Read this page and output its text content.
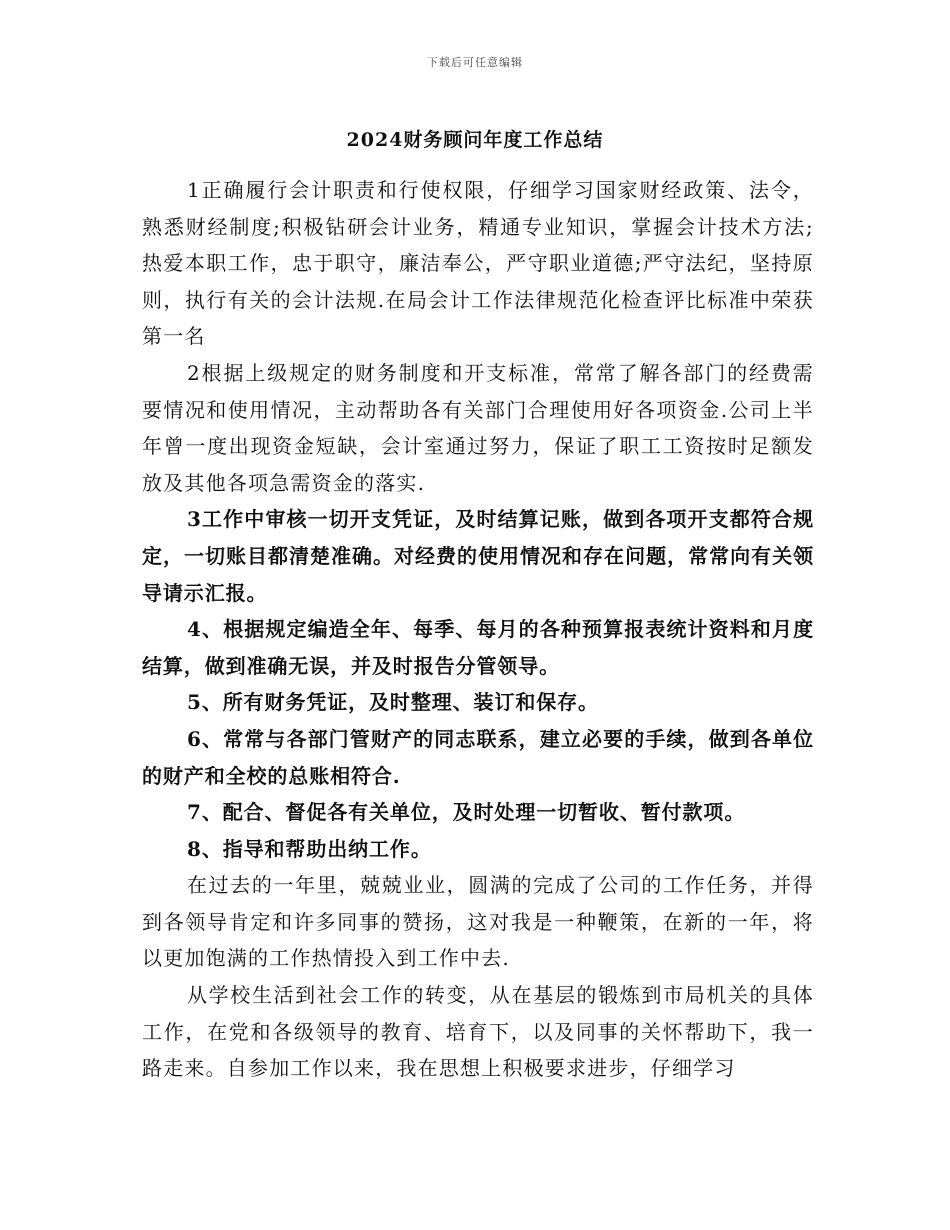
下载后可任意编辑
2024财务顾问年度工作总结

1正确履行会计职责和行使权限，仔细学习国家财经政策、法令，熟悉财经制度;积极钻研会计业务，精通专业知识，掌握会计技术方法;热爱本职工作，忠于职守，廉洁奉公，严守职业道德;严守法纪，坚持原则，执行有关的会计法规.在局会计工作法律规范化检查评比标准中荣获第一名

2根据上级规定的财务制度和开支标准，常常了解各部门的经费需要情况和使用情况，主动帮助各有关部门合理使用好各项资金.公司上半年曾一度出现资金短缺，会计室通过努力，保证了职工工资按时足额发放及其他各项急需资金的落实.

3工作中审核一切开支凭证，及时结算记账，做到各项开支都符合规定，一切账目都清楚准确。对经费的使用情况和存在问题，常常向有关领导请示汇报。

4、根据规定编造全年、每季、每月的各种预算报表统计资料和月度结算，做到准确无误，并及时报告分管领导。

5、所有财务凭证，及时整理、装订和保存。

6、常常与各部门管财产的同志联系，建立必要的手续，做到各单位的财产和全校的总账相符合.

7、配合、督促各有关单位，及时处理一切暂收、暂付款项。

8、指导和帮助出纳工作。

在过去的一年里，兢兢业业，圆满的完成了公司的工作任务，并得到各领导肯定和许多同事的赞扬，这对我是一种鞭策，在新的一年，将以更加饱满的工作热情投入到工作中去.

从学校生活到社会工作的转变，从在基层的锻炼到市局机关的具体工作，在党和各级领导的教育、培育下，以及同事的关怀帮助下，我一路走来。自参加工作以来，我在思想上积极要求进步，仔细学习
